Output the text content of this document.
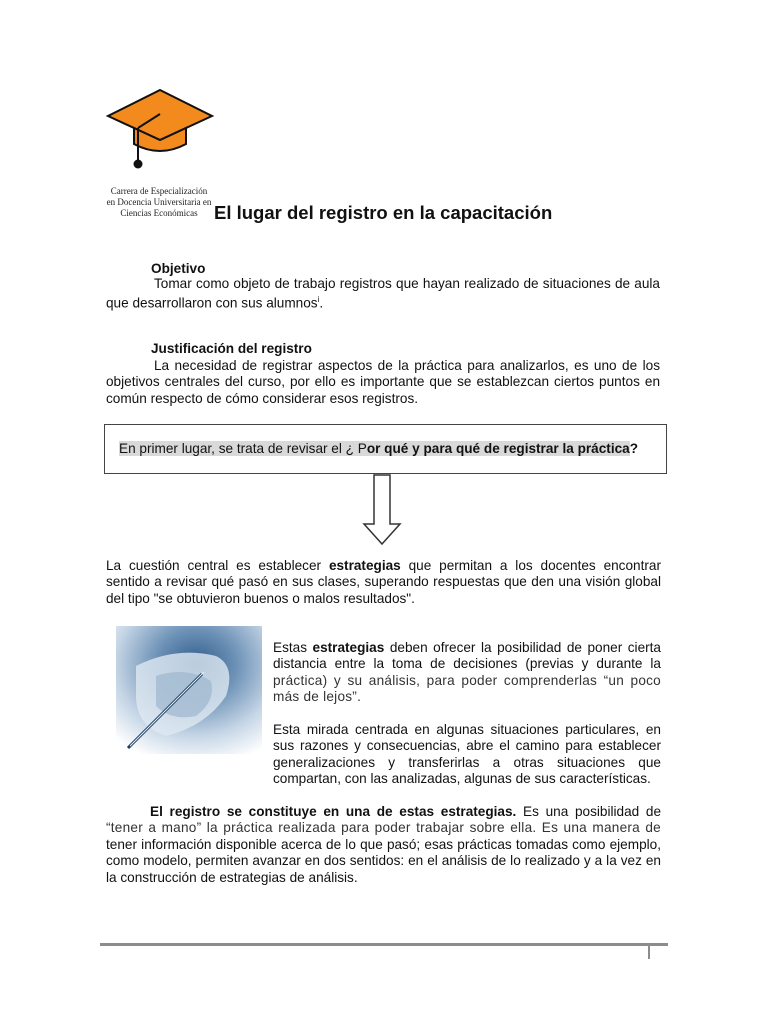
Carrera de Especialización
en Docencia Universitaria en
Ciencias Económicas El lugar del registro en la capacitación
Objetivo

Tomar como objeto de trabajo registros que hayan realizado de situaciones de aula que desarrollaron con sus alumnos$^i$.

Justificación del registro

La necesidad de registrar aspectos de la práctica para analizarlos, es uno de los objetivos centrales del curso, por ello es importante que se establezcan ciertos puntos en común respecto de cómo considerar esos registros.

En primer lugar, se trata de revisar el ¿ Por qué y para qué de registrar la práctica?

La cuestión central es establecer estrategias que permitan a los docentes encontrar sentido a revisar qué pasó en sus clases, superando respuestas que den una visión global del tipo "se obtuvieron buenos o malos resultados".

Estas estrategias deben ofrecer la posibilidad de poner cierta distancia entre la toma de decisiones (previas y durante la práctica) y su análisis, para poder comprenderlas “un poco más de lejos”.

Esta mirada centrada en algunas situaciones particulares, en sus razones y consecuencias, abre el camino para establecer generalizaciones y transferirlas a otras situaciones que compartan, con las analizadas, algunas de sus características.

El registro se constituye en una de estas estrategias. Es una posibilidad de “tener a mano” la práctica realizada para poder trabajar sobre ella. Es una manera de tener información disponible acerca de lo que pasó; esas prácticas tomadas como ejemplo, como modelo, permiten avanzar en dos sentidos: en el análisis de lo realizado y a la vez en la construcción de estrategias de análisis.
